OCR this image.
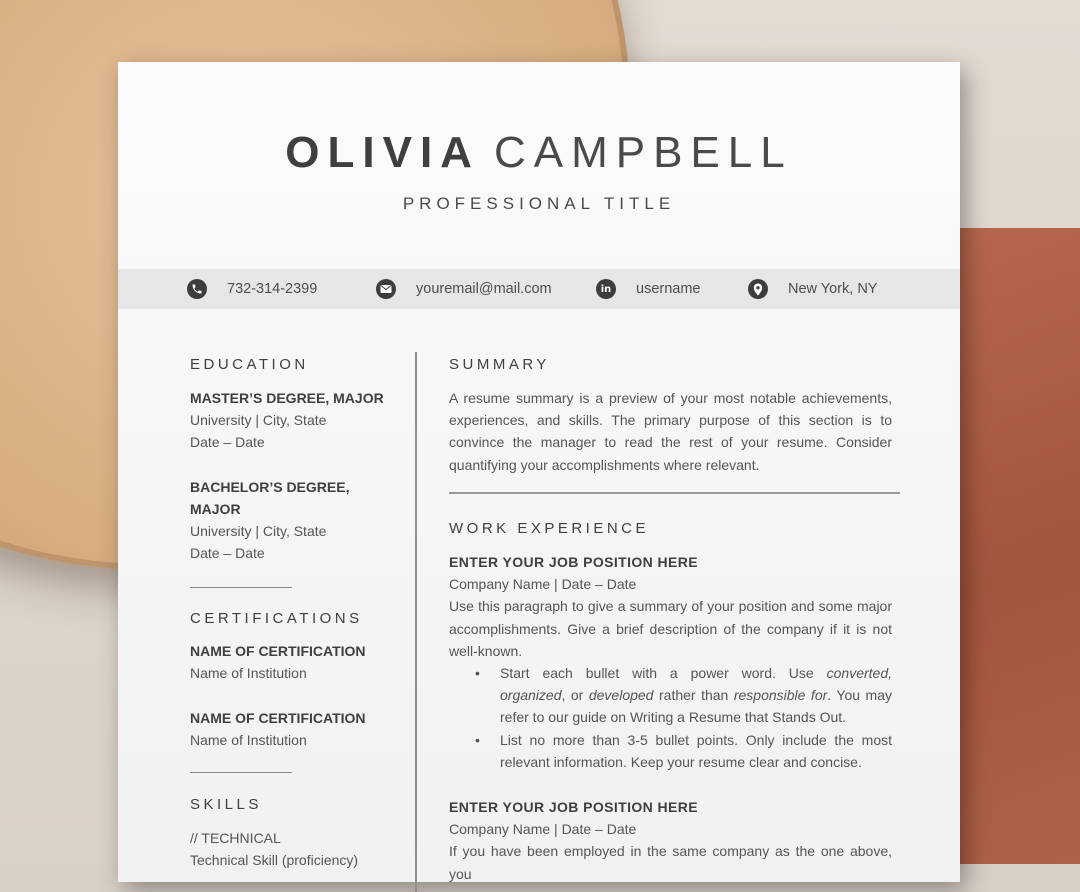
OLIVIA CAMPBELL
PROFESSIONAL TITLE
732-314-2399	youremail@mail.com	in	username	New York, NY
EDUCATION
MASTER’S DEGREE, MAJOR
University | City, State
Date – Date
BACHELOR’S DEGREE,
MAJOR
University | City, State
Date – Date
CERTIFICATIONS
NAME OF CERTIFICATION
Name of Institution
NAME OF CERTIFICATION
Name of Institution
SKILLS
// TECHNICAL
Technical Skill (proficiency)
SUMMARY
A resume summary is a preview of your most notable achievements,
experiences, and skills. The primary purpose of this section is to
convince the manager to read the rest of your resume. Consider
quantifying your accomplishments where relevant.
WORK EXPERIENCE
ENTER YOUR JOB POSITION HERE
Company Name | Date – Date
Use this paragraph to give a summary of your position and some major
accomplishments. Give a brief description of the company if it is not
well-known.
• Start each bullet with a power word. Use converted,
organized, or developed rather than responsible for. You may
refer to our guide on Writing a Resume that Stands Out.
• List no more than 3-5 bullet points. Only include the most
relevant information. Keep your resume clear and concise.
ENTER YOUR JOB POSITION HERE
Company Name | Date – Date
If you have been employed in the same company as the one above, you
